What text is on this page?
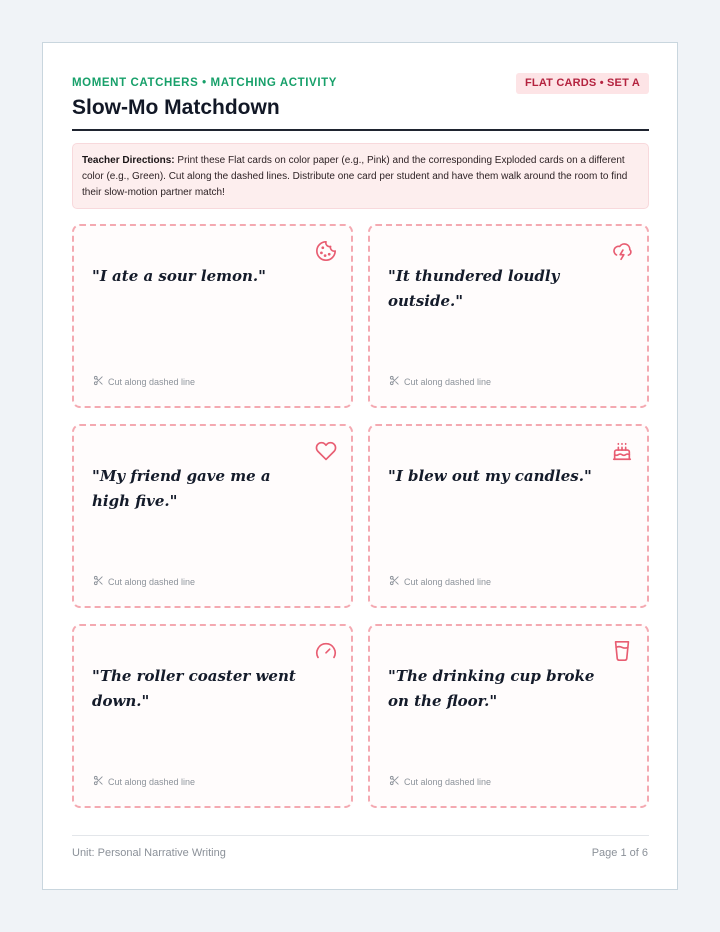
MOMENT CATCHERS • MATCHING ACTIVITY	FLAT CARDS • SET A
Slow-Mo Matchdown
Teacher Directions: Print these Flat cards on color paper (e.g., Pink) and the corresponding Exploded cards on a different color (e.g., Green). Cut along the dashed lines. Distribute one card per student and have them walk around the room to find their slow-motion partner match!
"I ate a sour lemon."
Cut along dashed line
"It thundered loudly outside."
Cut along dashed line
"My friend gave me a high five."
Cut along dashed line
"I blew out my candles."
Cut along dashed line
"The roller coaster went down."
Cut along dashed line
"The drinking cup broke on the floor."
Cut along dashed line
Unit: Personal Narrative Writing	Page 1 of 6
